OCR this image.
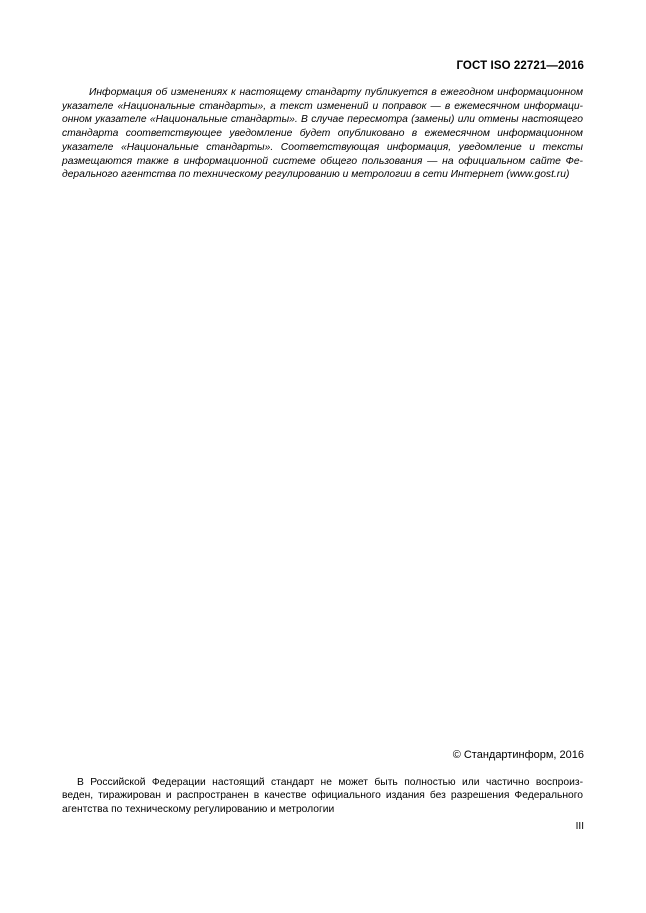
ГОСТ ISO 22721—2016
Информация об изменениях к настоящему стандарту публикуется в ежегодном информационном
указателе «Национальные стандарты», а текст изменений и поправок — в ежемесячном информаци-
онном указателе «Национальные стандарты». В случае пересмотра (замены) или отмены настоящего
стандарта соответствующее уведомление будет опубликовано в ежемесячном информационном
указателе «Национальные стандарты». Соответствующая информация, уведомление и тексты
размещаются также в информационной системе общего пользования — на официальном сайте Фе-
дерального агентства по техническому регулированию и метрологии в сети Интернет (www.gost.ru)
© Стандартинформ, 2016
В Российской Федерации настоящий стандарт не может быть полностью или частично воспроиз-
веден, тиражирован и распространен в качестве официального издания без разрешения Федерального
агентства по техническому регулированию и метрологии
III
